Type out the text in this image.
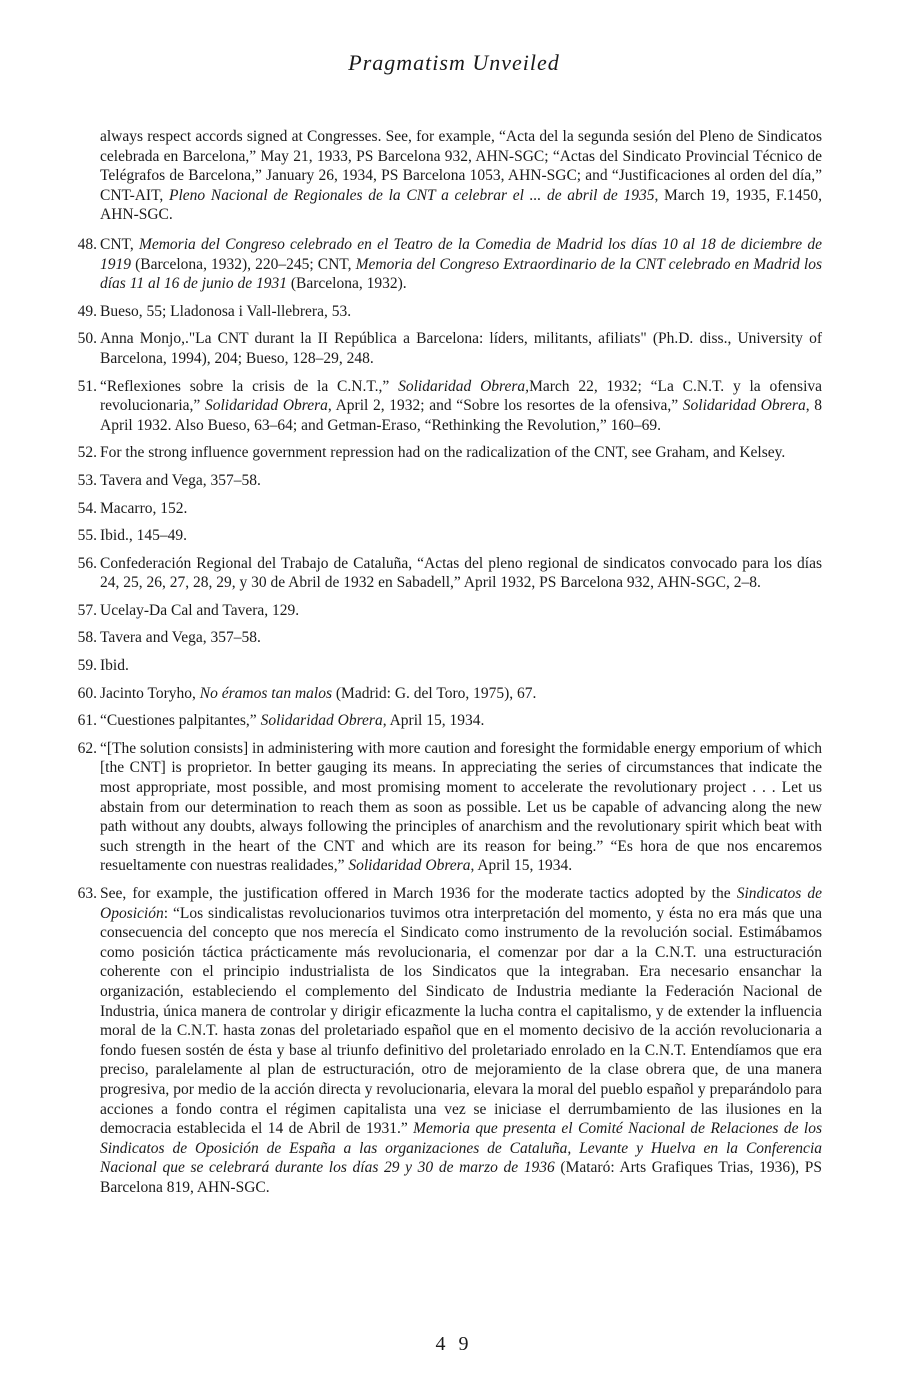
Pragmatism Unveiled
always respect accords signed at Congresses. See, for example, “Acta del la segunda sesión del Pleno de Sindicatos celebrada en Barcelona,” May 21, 1933, PS Barcelona 932, AHN-SGC; “Actas del Sindicato Provincial Técnico de Telégrafos de Barcelona,” January 26, 1934, PS Barcelona 1053, AHN-SGC; and “Justificaciones al orden del día,” CNT-AIT, Pleno Nacional de Regionales de la CNT a celebrar el ... de abril de 1935, March 19, 1935, F.1450, AHN-SGC.
48. CNT, Memoria del Congreso celebrado en el Teatro de la Comedia de Madrid los días 10 al 18 de diciembre de 1919 (Barcelona, 1932), 220–245; CNT, Memoria del Congreso Extraordinario de la CNT celebrado en Madrid los días 11 al 16 de junio de 1931 (Barcelona, 1932).
49. Bueso, 55; Lladonosa i Vall-llebrera, 53.
50. Anna Monjo,."La CNT durant la II República a Barcelona: líders, militants, afiliats" (Ph.D. diss., University of Barcelona, 1994), 204; Bueso, 128–29, 248.
51. “Reflexiones sobre la crisis de la C.N.T.,” Solidaridad Obrera,March 22, 1932; “La C.N.T. y la ofensiva revolucionaria,” Solidaridad Obrera, April 2, 1932; and “Sobre los resortes de la ofensiva,” Solidaridad Obrera, 8 April 1932. Also Bueso, 63–64; and Getman-Eraso, “Rethinking the Revolution,” 160–69.
52. For the strong influence government repression had on the radicalization of the CNT, see Graham, and Kelsey.
53. Tavera and Vega, 357–58.
54. Macarro, 152.
55. Ibid., 145–49.
56. Confederación Regional del Trabajo de Cataluña, “Actas del pleno regional de sindicatos convocado para los días 24, 25, 26, 27, 28, 29, y 30 de Abril de 1932 en Sabadell,” April 1932, PS Barcelona 932, AHN-SGC, 2–8.
57. Ucelay-Da Cal and Tavera, 129.
58. Tavera and Vega, 357–58.
59. Ibid.
60. Jacinto Toryho, No éramos tan malos (Madrid: G. del Toro, 1975), 67.
61. “Cuestiones palpitantes,” Solidaridad Obrera, April 15, 1934.
62. “[The solution consists] in administering with more caution and foresight the formidable energy emporium of which [the CNT] is proprietor. In better gauging its means. In appreciating the series of circumstances that indicate the most appropriate, most possible, and most promising moment to accelerate the revolutionary project . . . Let us abstain from our determination to reach them as soon as possible. Let us be capable of advancing along the new path without any doubts, always following the principles of anarchism and the revolutionary spirit which beat with such strength in the heart of the CNT and which are its reason for being.” “Es hora de que nos encaremos resueltamente con nuestras realidades,” Solidaridad Obrera, April 15, 1934.
63. See, for example, the justification offered in March 1936 for the moderate tactics adopted by the Sindicatos de Oposición: “Los sindicalistas revolucionarios tuvimos otra interpretación del momento, y ésta no era más que una consecuencia del concepto que nos merecía el Sindicato como instrumento de la revolución social. Estimábamos como posición táctica prácticamente más revolucionaria, el comenzar por dar a la C.N.T. una estructuración coherente con el principio industrialista de los Sindicatos que la integraban. Era necesario ensanchar la organización, estableciendo el complemento del Sindicato de Industria mediante la Federación Nacional de Industria, única manera de controlar y dirigir eficazmente la lucha contra el capitalismo, y de extender la influencia moral de la C.N.T. hasta zonas del proletariado español que en el momento decisivo de la acción revolucionaria a fondo fuesen sostén de ésta y base al triunfo definitivo del proletariado enrolado en la C.N.T. Entendíamos que era preciso, paralelamente al plan de estructuración, otro de mejoramiento de la clase obrera que, de una manera progresiva, por medio de la acción directa y revolucionaria, elevara la moral del pueblo español y preparándolo para acciones a fondo contra el régimen capitalista una vez se iniciase el derrumbamiento de las ilusiones en la democracia establecida el 14 de Abril de 1931.” Memoria que presenta el Comité Nacional de Relaciones de los Sindicatos de Oposición de España a las organizaciones de Cataluña, Levante y Huelva en la Conferencia Nacional que se celebrará durante los días 29 y 30 de marzo de 1936 (Mataró: Arts Grafiques Trias, 1936), PS Barcelona 819, AHN-SGC.
4 9
